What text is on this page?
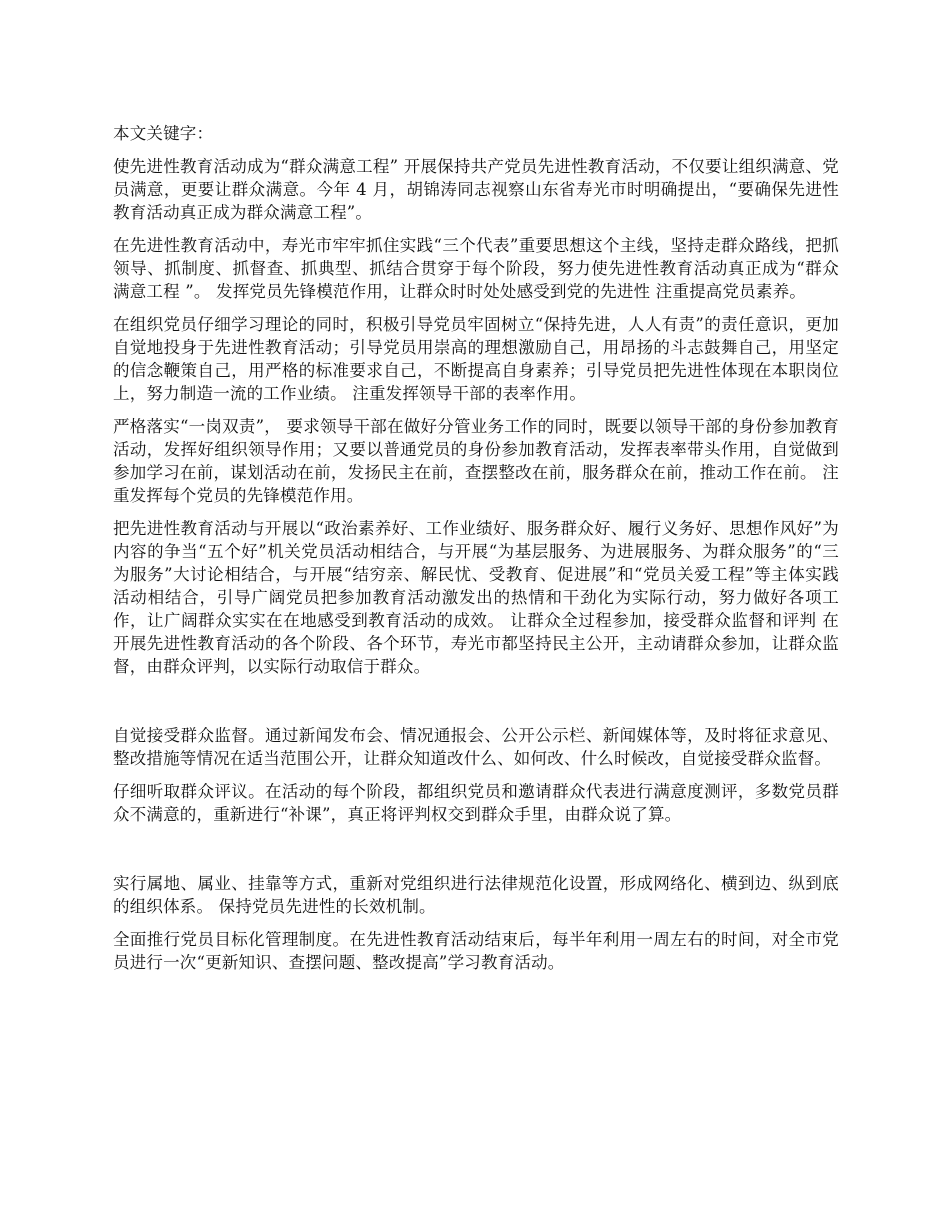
本文关键字：

使先进性教育活动成为“群众满意工程” 开展保持共产党员先进性教育活动，不仅要让组织满意、党员满意，更要让群众满意。今年 4 月，胡锦涛同志视察山东省寿光市时明确提出，“要确保先进性教育活动真正成为群众满意工程”。

在先进性教育活动中，寿光市牢牢抓住实践“三个代表”重要思想这个主线，坚持走群众路线，把抓领导、抓制度、抓督查、抓典型、抓结合贯穿于每个阶段，努力使先进性教育活动真正成为“群众满意工程 ”。 发挥党员先锋模范作用，让群众时时处处感受到党的先进性 注重提高党员素养。

在组织党员仔细学习理论的同时，积极引导党员牢固树立“保持先进，人人有责”的责任意识，更加自觉地投身于先进性教育活动；引导党员用崇高的理想激励自己，用昂扬的斗志鼓舞自己，用坚定的信念鞭策自己，用严格的标准要求自己，不断提高自身素养；引导党员把先进性体现在本职岗位上，努力制造一流的工作业绩。 注重发挥领导干部的表率作用。

严格落实“一岗双责”， 要求领导干部在做好分管业务工作的同时，既要以领导干部的身份参加教育活动，发挥好组织领导作用；又要以普通党员的身份参加教育活动，发挥表率带头作用，自觉做到参加学习在前，谋划活动在前，发扬民主在前，查摆整改在前，服务群众在前，推动工作在前。 注重发挥每个党员的先锋模范作用。

把先进性教育活动与开展以“政治素养好、工作业绩好、服务群众好、履行义务好、思想作风好”为内容的争当“五个好”机关党员活动相结合，与开展“为基层服务、为进展服务、为群众服务”的“三为服务”大讨论相结合，与开展“结穷亲、解民忧、受教育、促进展”和“党员关爱工程”等主体实践活动相结合，引导广阔党员把参加教育活动激发出的热情和干劲化为实际行动，努力做好各项工作，让广阔群众实实在在地感受到教育活动的成效。 让群众全过程参加，接受群众监督和评判 在开展先进性教育活动的各个阶段、各个环节，寿光市都坚持民主公开，主动请群众参加，让群众监督，由群众评判，以实际行动取信于群众。

自觉接受群众监督。通过新闻发布会、情况通报会、公开公示栏、新闻媒体等，及时将征求意见、整改措施等情况在适当范围公开，让群众知道改什么、如何改、什么时候改，自觉接受群众监督。

仔细听取群众评议。在活动的每个阶段，都组织党员和邀请群众代表进行满意度测评，多数党员群众不满意的，重新进行“补课”，真正将评判权交到群众手里，由群众说了算。

实行属地、属业、挂靠等方式，重新对党组织进行法律规范化设置，形成网络化、横到边、纵到底的组织体系。 保持党员先进性的长效机制。

全面推行党员目标化管理制度。在先进性教育活动结束后，每半年利用一周左右的时间，对全市党员进行一次“更新知识、查摆问题、整改提高”学习教育活动。
